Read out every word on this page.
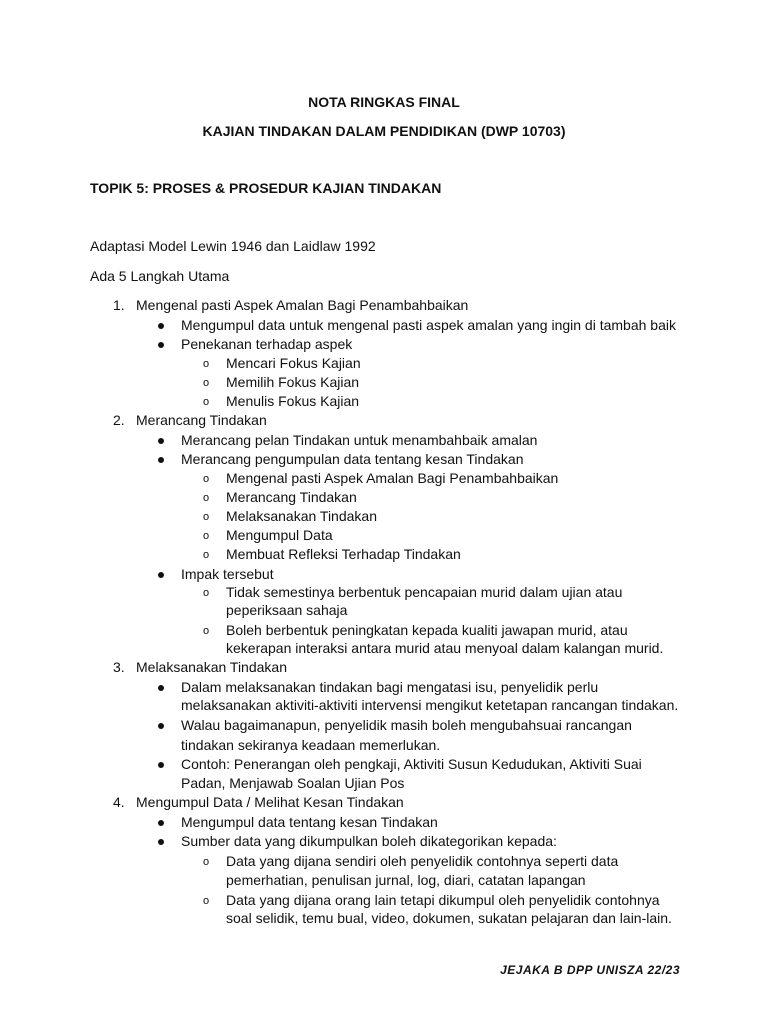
NOTA RINGKAS FINAL
KAJIAN TINDAKAN DALAM PENDIDIKAN (DWP 10703)
TOPIK 5: PROSES & PROSEDUR KAJIAN TINDAKAN
Adaptasi Model Lewin 1946 dan Laidlaw 1992
Ada 5 Langkah Utama
1. Mengenal pasti Aspek Amalan Bagi Penambahbaikan
Mengumpul data untuk mengenal pasti aspek amalan yang ingin di tambah baik
Penekanan terhadap aspek
o Mencari Fokus Kajian
o Memilih Fokus Kajian
o Menulis Fokus Kajian
2. Merancang Tindakan
Merancang pelan Tindakan untuk menambahbaik amalan
Merancang pengumpulan data tentang kesan Tindakan
o Mengenal pasti Aspek Amalan Bagi Penambahbaikan
o Merancang Tindakan
o Melaksanakan Tindakan
o Mengumpul Data
o Membuat Refleksi Terhadap Tindakan
Impak tersebut
o Tidak semestinya berbentuk pencapaian murid dalam ujian atau
peperiksaan sahaja
o Boleh berbentuk peningkatan kepada kualiti jawapan murid, atau
kekerapan interaksi antara murid atau menyoal dalam kalangan murid.
3. Melaksanakan Tindakan
Dalam melaksanakan tindakan bagi mengatasi isu, penyelidik perlu
melaksanakan aktiviti-aktiviti intervensi mengikut ketetapan rancangan tindakan.
Walau bagaimanapun, penyelidik masih boleh mengubahsuai rancangan
tindakan sekiranya keadaan memerlukan.
Contoh: Penerangan oleh pengkaji, Aktiviti Susun Kedudukan, Aktiviti Suai
Padan, Menjawab Soalan Ujian Pos
4. Mengumpul Data / Melihat Kesan Tindakan
Mengumpul data tentang kesan Tindakan
Sumber data yang dikumpulkan boleh dikategorikan kepada:
o Data yang dijana sendiri oleh penyelidik contohnya seperti data
pemerhatian, penulisan jurnal, log, diari, catatan lapangan
o Data yang dijana orang lain tetapi dikumpul oleh penyelidik contohnya
soal selidik, temu bual, video, dokumen, sukatan pelajaran dan lain-lain.
JEJAKA B DPP UNISZA 22/23
